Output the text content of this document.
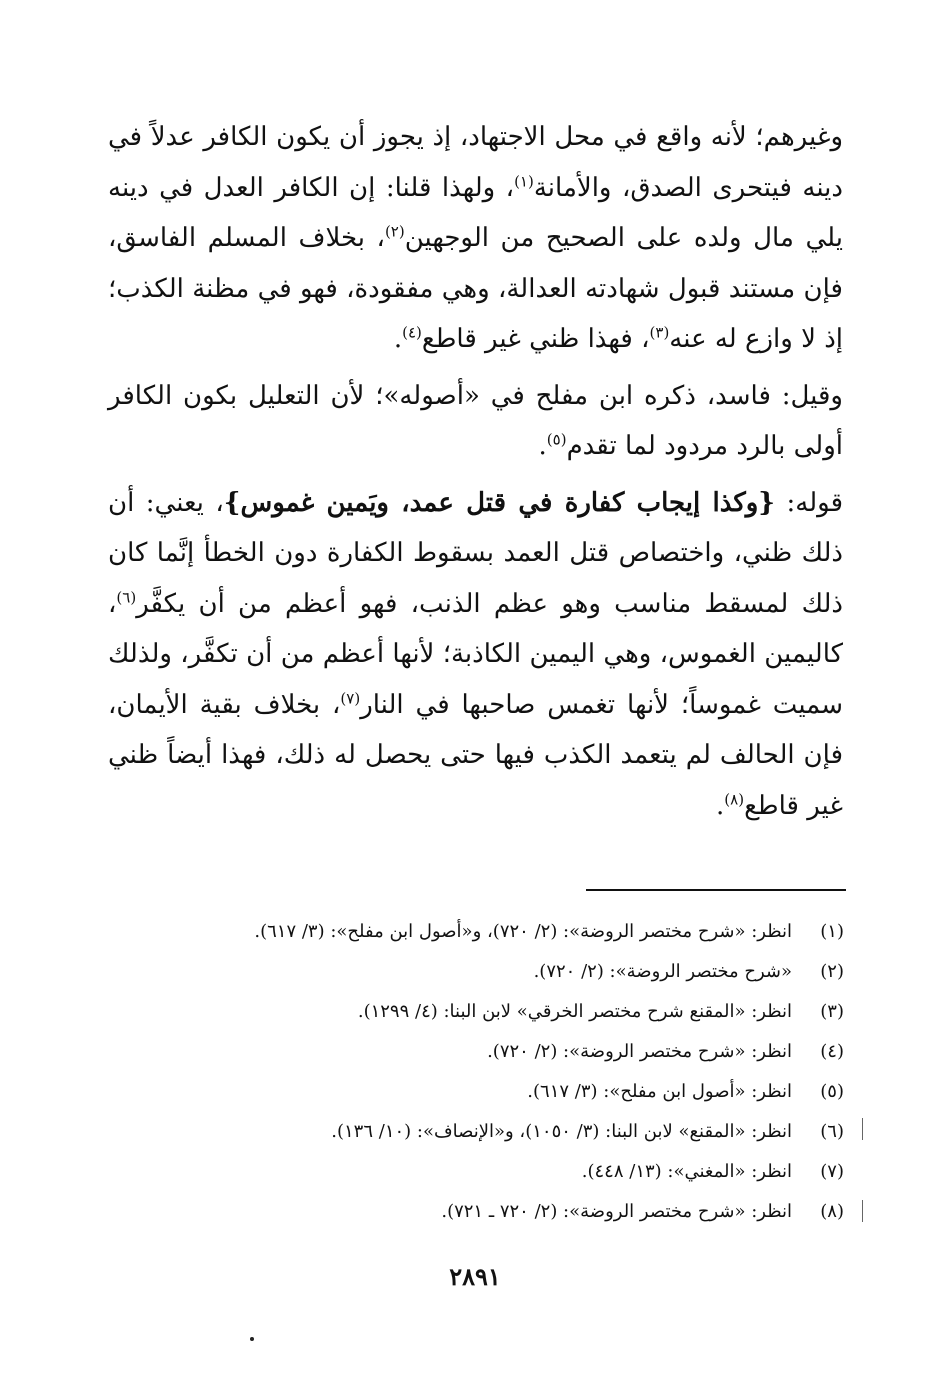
وغيرهم؛ لأنه واقع في محل الاجتهاد، إذ يجوز أن يكون الكافر عدلاً في دينه فيتحرى الصدق، والأمانة$^{(١)}$، ولهذا قلنا: إن الكافر العدل في دينه يلي مال ولده على الصحيح من الوجهين$^{(٢)}$، بخلاف المسلم الفاسق، فإن مستند قبول شهادته العدالة، وهي مفقودة، فهو في مظنة الكذب؛ إذ لا وازع له عنه$^{(٣)}$، فهذا ظني غير قاطع$^{(٤)}$.

وقيل: فاسد، ذكره ابن مفلح في «أصوله»؛ لأن التعليل بكون الكافر أولى بالرد مردود لما تقدم$^{(٥)}$.

قوله: {وكذا إيجاب كفارة في قتل عمد، ويَمين غموس}، يعني: أن ذلك ظني، واختصاص قتل العمد بسقوط الكفارة دون الخطأ إنَّما كان ذلك لمسقط مناسب وهو عظم الذنب، فهو أعظم من أن يكفَّر$^{(٦)}$، كاليمين الغموس، وهي اليمين الكاذبة؛ لأنها أعظم من أن تكفَّر، ولذلك سميت غموساً؛ لأنها تغمس صاحبها في النار$^{(٧)}$، بخلاف بقية الأيمان، فإن الحالف لم يتعمد الكذب فيها حتى يحصل له ذلك، فهذا أيضاً ظني غير قاطع$^{(٨)}$.

(١)
انظر: «شرح مختصر الروضة»: (٢/ ٧٢٠)، و«أصول ابن مفلح»: (٣/ ٦١٧).
(٢)
«شرح مختصر الروضة»: (٢/ ٧٢٠).
(٣)
انظر: «المقنع شرح مختصر الخرقي» لابن البنا: (٤/ ١٢٩٩).
(٤)
انظر: «شرح مختصر الروضة»: (٢/ ٧٢٠).
(٥)
انظر: «أصول ابن مفلح»: (٣/ ٦١٧).
(٦)
انظر: «المقنع» لابن البنا: (٣/ ١٠٥٠)، و«الإنصاف»: (١٠/ ١٣٦).
(٧)
انظر: «المغني»: (١٣/ ٤٤٨).
(٨)
انظر: «شرح مختصر الروضة»: (٢/ ٧٢٠ ـ ٧٢١).
٢٨٩١
